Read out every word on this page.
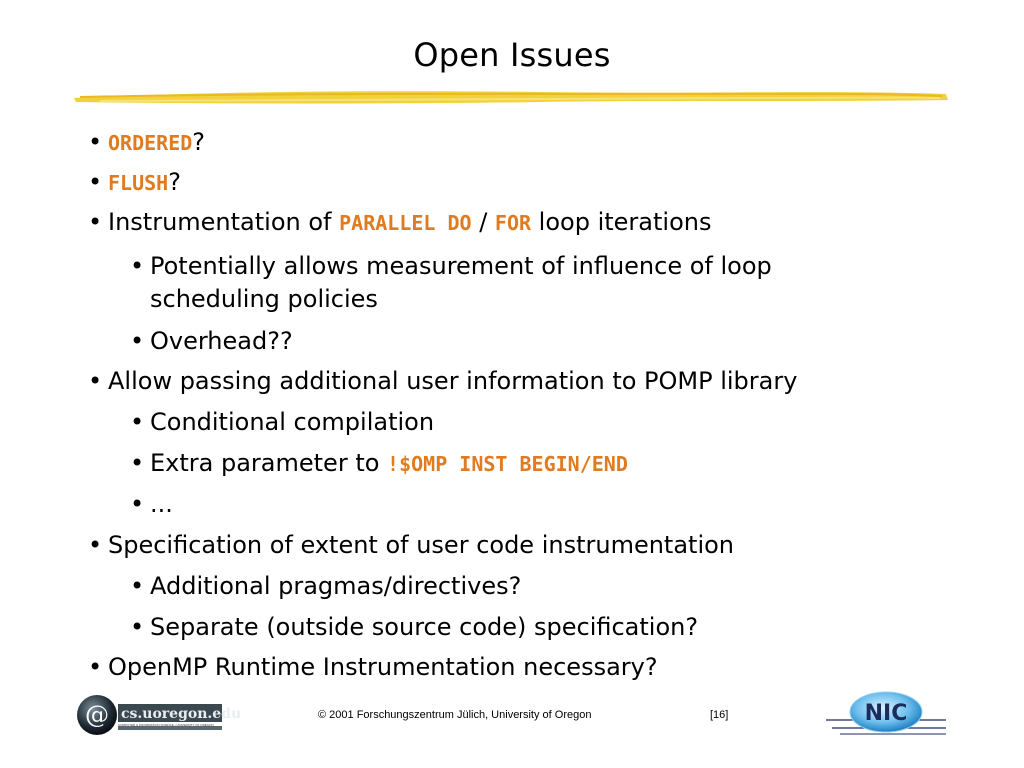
Open Issues
• ORDERED?
• FLUSH?
• Instrumentation of PARALLEL DO / FOR loop iterations
• Potentially allows measurement of influence of loop scheduling policies
• Overhead??
• Allow passing additional user information to POMP library
• Conditional compilation
• Extra parameter to !$OMP INST BEGIN/END
• ...
• Specification of extent of user code instrumentation
• Additional pragmas/directives?
• Separate (outside source code) specification?
• OpenMP Runtime Instrumentation necessary?
@ cs.uoregon.edu
COMPUTER & INFORMATION SCIENCE • UNIVERSITY OF OREGON
© 2001 Forschungszentrum Jülich, University of Oregon	[16]	NIC
